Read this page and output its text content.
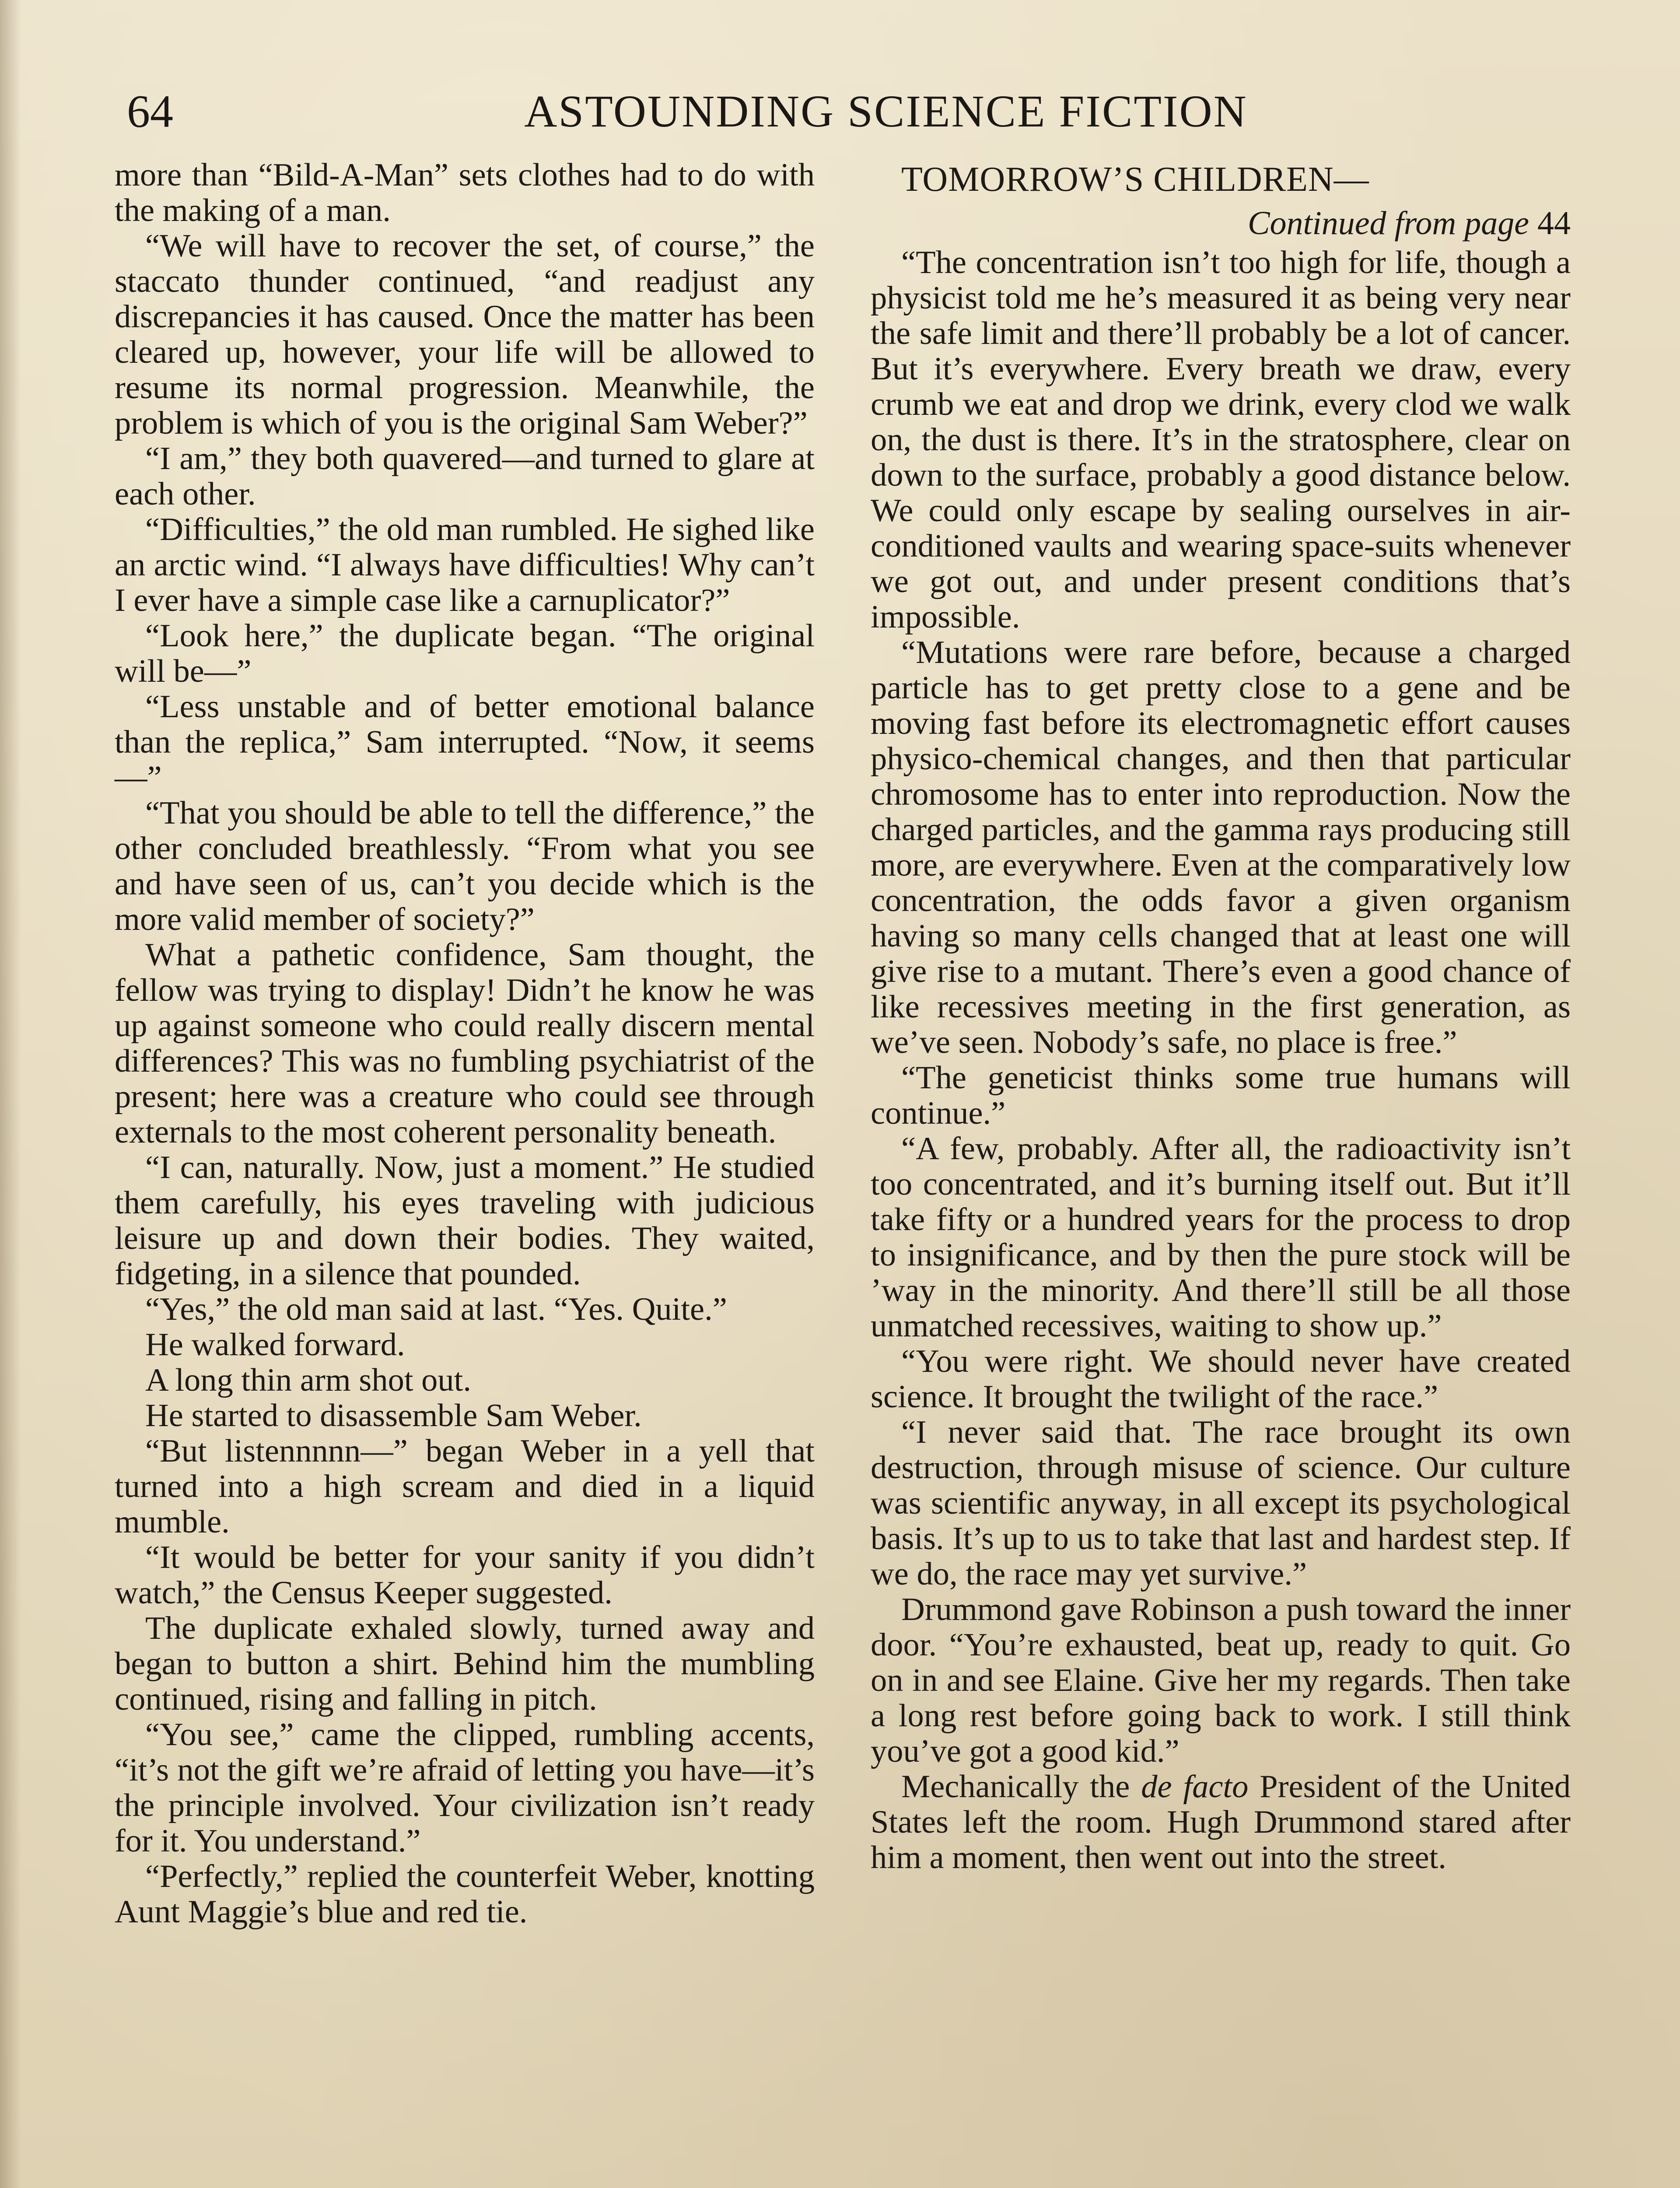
64	ASTOUNDING SCIENCE FICTION

more than “Bild-A-Man” sets clothes had to do with the making of a man.

“We will have to recover the set, of course,” the staccato thunder continued, “and readjust any discrepancies it has caused. Once the matter has been cleared up, however, your life will be allowed to resume its normal progression. Meanwhile, the problem is which of you is the original Sam Weber?”

“I am,” they both quavered—and turned to glare at each other.

“Difficulties,” the old man rumbled. He sighed like an arctic wind. “I always have difficulties! Why can’t I ever have a simple case like a carnuplicator?”

“Look here,” the duplicate began. “The original will be—”

“Less unstable and of better emotional balance than the replica,” Sam interrupted. “Now, it seems—”

“That you should be able to tell the difference,” the other concluded breathlessly. “From what you see and have seen of us, can’t you decide which is the more valid member of society?”

What a pathetic confidence, Sam thought, the fellow was trying to display! Didn’t he know he was up against someone who could really discern mental differences? This was no fumbling psychiatrist of the present; here was a creature who could see through externals to the most coherent personality beneath.

“I can, naturally. Now, just a moment.” He studied them carefully, his eyes traveling with judicious leisure up and down their bodies. They waited, fidgeting, in a silence that pounded.

“Yes,” the old man said at last. “Yes. Quite.”

He walked forward.

A long thin arm shot out.

He started to disassemble Sam Weber.

“But listennnnn—” began Weber in a yell that turned into a high scream and died in a liquid mumble.

“It would be better for your sanity if you didn’t watch,” the Census Keeper suggested.

The duplicate exhaled slowly, turned away and began to button a shirt. Behind him the mumbling continued, rising and falling in pitch.

“You see,” came the clipped, rumbling accents, “it’s not the gift we’re afraid of letting you have—it’s the principle involved. Your civilization isn’t ready for it. You understand.”

“Perfectly,” replied the counterfeit Weber, knotting Aunt Maggie’s blue and red tie.

TOMORROW’S CHILDREN—

Continued from page 44

“The concentration isn’t too high for life, though a physicist told me he’s measured it as being very near the safe limit and there’ll probably be a lot of cancer. But it’s everywhere. Every breath we draw, every crumb we eat and drop we drink, every clod we walk on, the dust is there. It’s in the stratosphere, clear on down to the surface, probably a good distance below. We could only escape by sealing ourselves in air-conditioned vaults and wearing space-suits whenever we got out, and under present conditions that’s impossible.

“Mutations were rare before, because a charged particle has to get pretty close to a gene and be moving fast before its electromagnetic effort causes physico-chemical changes, and then that particular chromosome has to enter into reproduction. Now the charged particles, and the gamma rays producing still more, are everywhere. Even at the comparatively low concentration, the odds favor a given organism having so many cells changed that at least one will give rise to a mutant. There’s even a good chance of like recessives meeting in the first generation, as we’ve seen. Nobody’s safe, no place is free.”

“The geneticist thinks some true humans will continue.”

“A few, probably. After all, the radioactivity isn’t too concentrated, and it’s burning itself out. But it’ll take fifty or a hundred years for the process to drop to insignificance, and by then the pure stock will be ’way in the minority. And there’ll still be all those unmatched recessives, waiting to show up.”

“You were right. We should never have created science. It brought the twilight of the race.”

“I never said that. The race brought its own destruction, through misuse of science. Our culture was scientific anyway, in all except its psychological basis. It’s up to us to take that last and hardest step. If we do, the race may yet survive.”

Drummond gave Robinson a push toward the inner door. “You’re exhausted, beat up, ready to quit. Go on in and see Elaine. Give her my regards. Then take a long rest before going back to work. I still think you’ve got a good kid.”

Mechanically the de facto President of the United States left the room. Hugh Drummond stared after him a moment, then went out into the street.
